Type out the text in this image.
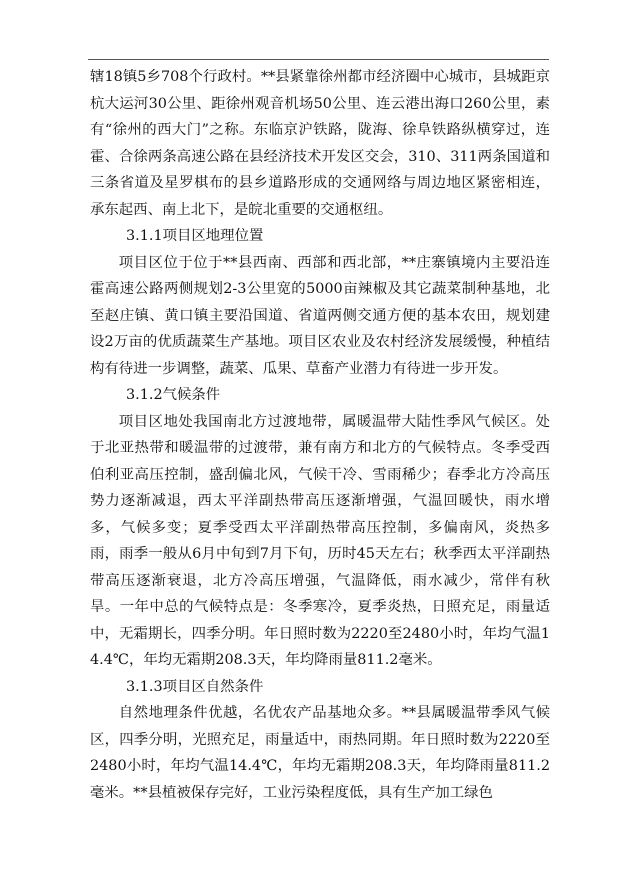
辖18镇5乡708个行政村。**县紧靠徐州都市经济圈中心城市，县城距京杭大运河30公里、距徐州观音机场50公里、连云港出海口260公里，素有“徐州的西大门”之称。东临京沪铁路，陇海、徐阜铁路纵横穿过，连霍、合徐两条高速公路在县经济技术开发区交会，310、311两条国道和三条省道及星罗棋布的县乡道路形成的交通网络与周边地区紧密相连，承东起西、南上北下，是皖北重要的交通枢纽。

3.1.1项目区地理位置

项目区位于位于**县西南、西部和西北部，**庄寨镇境内主要沿连霍高速公路两侧规划2-3公里宽的5000亩辣椒及其它蔬菜制种基地，北至赵庄镇、黄口镇主要沿国道、省道两侧交通方便的基本农田，规划建设2万亩的优质蔬菜生产基地。项目区农业及农村经济发展缓慢，种植结构有待进一步调整，蔬菜、瓜果、草畜产业潜力有待进一步开发。

3.1.2气候条件

项目区地处我国南北方过渡地带，属暖温带大陆性季风气候区。处于北亚热带和暖温带的过渡带，兼有南方和北方的气候特点。冬季受西伯利亚高压控制，盛刮偏北风，气候干冷、雪雨稀少；春季北方冷高压势力逐渐减退，西太平洋副热带高压逐渐增强，气温回暖快，雨水增多，气候多变；夏季受西太平洋副热带高压控制，多偏南风，炎热多雨，雨季一般从6月中旬到7月下旬，历时45天左右；秋季西太平洋副热带高压逐渐衰退，北方冷高压增强，气温降低，雨水减少，常伴有秋旱。一年中总的气候特点是：冬季寒冷，夏季炎热，日照充足，雨量适中，无霜期长，四季分明。年日照时数为2220至2480小时，年均气温14.4℃，年均无霜期208.3天，年均降雨量811.2毫米。

3.1.3项目区自然条件

自然地理条件优越，名优农产品基地众多。**县属暖温带季风气候区，四季分明，光照充足，雨量适中，雨热同期。年日照时数为2220至2480小时，年均气温14.4℃，年均无霜期208.3天，年均降雨量811.2毫米。**县植被保存完好，工业污染程度低，具有生产加工绿色
